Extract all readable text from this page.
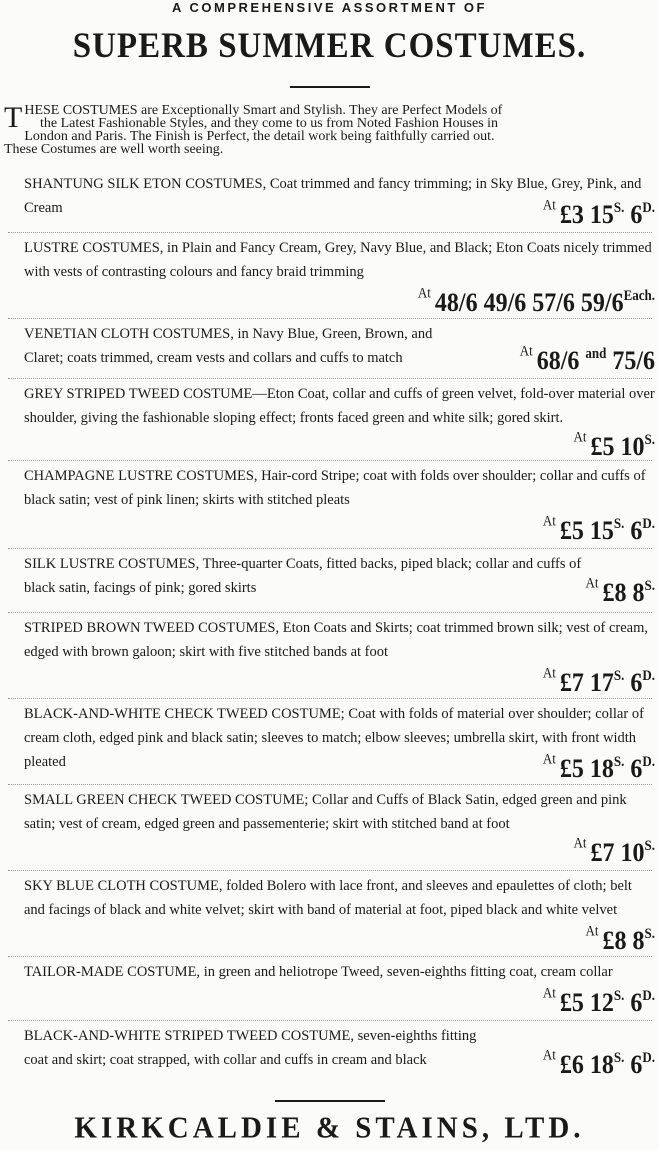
A COMPREHENSIVE ASSORTMENT OF
SUPERB SUMMER COSTUMES.
T HESE COSTUMES are Exceptionally Smart and Stylish. They are Perfect Models of
the Latest Fashionable Styles, and they come to us from Noted Fashion Houses in
London and Paris. The Finish is Perfect, the detail work being faithfully carried out.
These Costumes are well worth seeing.
SHANTUNG SILK ETON COSTUMES, Coat trimmed and fancy trimming; in Sky Blue, Grey, Pink, and Cream	$^{At}$ £3 $15^{S.}$ $6^{D.}$
LUSTRE COSTUMES, in Plain and Fancy Cream, Grey, Navy Blue, and Black; Eton Coats nicely trimmed with vests of contrasting colours and fancy braid trimming
$^{At}$ 48/6 49/6 57/6 $59/6^{Each.}$
VENETIAN CLOTH COSTUMES, in Navy Blue, Green, Brown, and Claret; coats trimmed, cream vests and collars and cuffs to match	$^{At}$ 68/6 $^{and}$ 75/6
GREY STRIPED TWEED COSTUME—Eton Coat, collar and cuffs of green velvet, fold-over material over shoulder, giving the fashionable sloping effect; fronts faced green and white silk; gored skirt.
$^{At}$ £5 $10^{S.}$
CHAMPAGNE LUSTRE COSTUMES, Hair-cord Stripe; coat with folds over shoulder; collar and cuffs of black satin; vest of pink linen; skirts with stitched pleats
$^{At}$ £5 $15^{S.}$ $6^{D.}$
SILK LUSTRE COSTUMES, Three-quarter Coats, fitted backs, piped black; collar and cuffs of black satin, facings of pink; gored skirts	$^{At}$ £8 $8^{S.}$
STRIPED BROWN TWEED COSTUMES, Eton Coats and Skirts; coat trimmed brown silk; vest of cream, edged with brown galoon; skirt with five stitched bands at foot
$^{At}$ £7 $17^{S.}$ $6^{D.}$
BLACK-AND-WHITE CHECK TWEED COSTUME; Coat with folds of material over shoulder; collar of cream cloth, edged pink and black satin; sleeves to match; elbow sleeves; umbrella skirt, with front width pleated	$^{At}$ £5 $18^{S.}$ $6^{D.}$
SMALL GREEN CHECK TWEED COSTUME; Collar and Cuffs of Black Satin, edged green and pink satin; vest of cream, edged green and passementerie; skirt with stitched band at foot
$^{At}$ £7 $10^{S.}$
SKY BLUE CLOTH COSTUME, folded Bolero with lace front, and sleeves and epaulettes of cloth; belt and facings of black and white velvet; skirt with band of material at foot, piped black and white velvet
$^{At}$ £8 $8^{S.}$
TAILOR-MADE COSTUME, in green and heliotrope Tweed, seven-eighths fitting coat, cream collar
$^{At}$ £5 $12^{S.}$ $6^{D.}$
BLACK-AND-WHITE STRIPED TWEED COSTUME, seven-eighths fitting coat and skirt; coat strapped, with collar and cuffs in cream and black	$^{At}$ £6 $18^{S.}$ $6^{D.}$
KIRKCALDIE & STAINS, LTD.
